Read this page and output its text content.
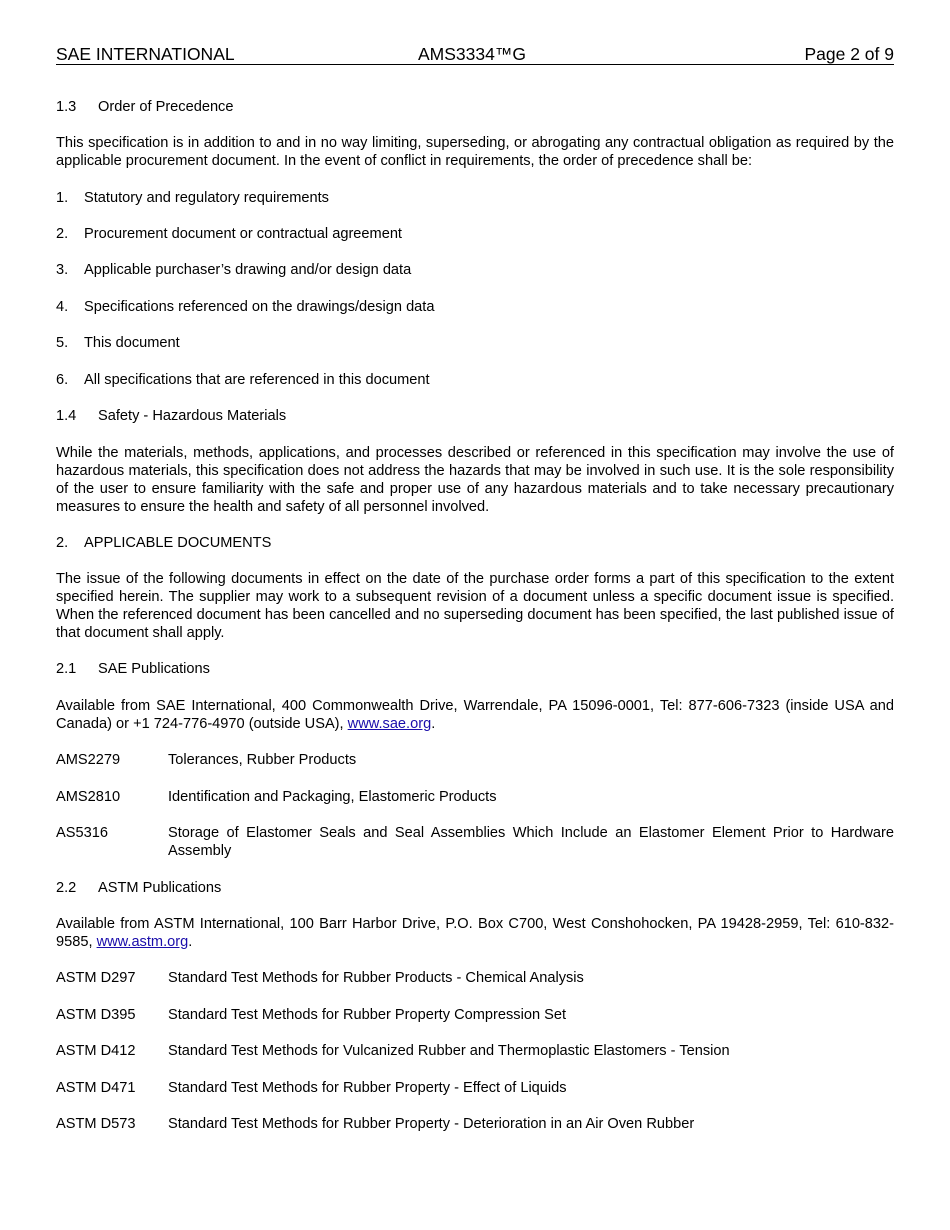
SAE INTERNATIONAL	AMS3334™G	Page 2 of 9
1.3 Order of Precedence
This specification is in addition to and in no way limiting, superseding, or abrogating any contractual obligation as required by the applicable procurement document. In the event of conflict in requirements, the order of precedence shall be:
1. Statutory and regulatory requirements
2. Procurement document or contractual agreement
3. Applicable purchaser’s drawing and/or design data
4. Specifications referenced on the drawings/design data
5. This document
6. All specifications that are referenced in this document
1.4 Safety - Hazardous Materials
While the materials, methods, applications, and processes described or referenced in this specification may involve the use of hazardous materials, this specification does not address the hazards that may be involved in such use. It is the sole responsibility of the user to ensure familiarity with the safe and proper use of any hazardous materials and to take necessary precautionary measures to ensure the health and safety of all personnel involved.
2. APPLICABLE DOCUMENTS
The issue of the following documents in effect on the date of the purchase order forms a part of this specification to the extent specified herein. The supplier may work to a subsequent revision of a document unless a specific document issue is specified. When the referenced document has been cancelled and no superseding document has been specified, the last published issue of that document shall apply.
2.1 SAE Publications
Available from SAE International, 400 Commonwealth Drive, Warrendale, PA 15096-0001, Tel: 877-606-7323 (inside USA and Canada) or +1 724-776-4970 (outside USA), www.sae.org.
AMS2279	Tolerances, Rubber Products
AMS2810	Identification and Packaging, Elastomeric Products
AS5316	Storage of Elastomer Seals and Seal Assemblies Which Include an Elastomer Element Prior to Hardware Assembly
2.2 ASTM Publications
Available from ASTM International, 100 Barr Harbor Drive, P.O. Box C700, West Conshohocken, PA 19428-2959, Tel: 610-832-9585, www.astm.org.
ASTM D297 Standard Test Methods for Rubber Products - Chemical Analysis
ASTM D395 Standard Test Methods for Rubber Property Compression Set
ASTM D412 Standard Test Methods for Vulcanized Rubber and Thermoplastic Elastomers - Tension
ASTM D471 Standard Test Methods for Rubber Property - Effect of Liquids
ASTM D573 Standard Test Methods for Rubber Property - Deterioration in an Air Oven Rubber
